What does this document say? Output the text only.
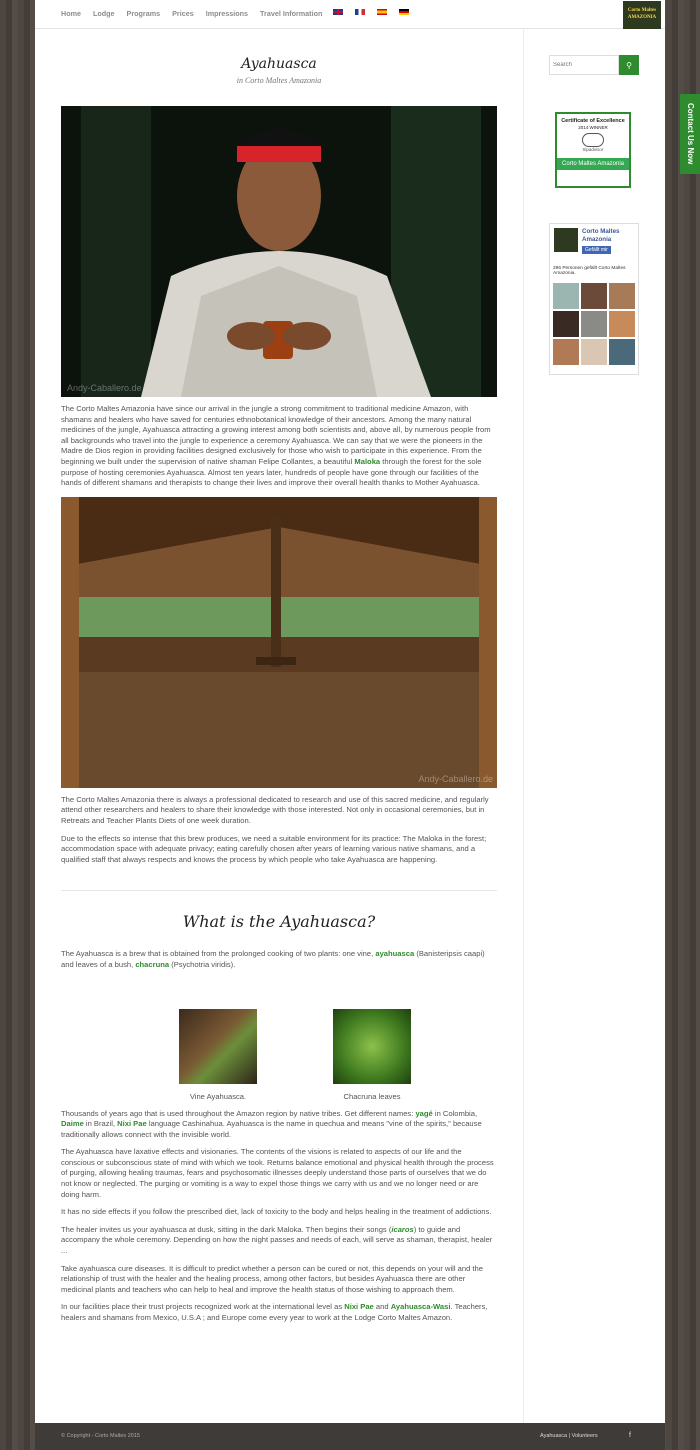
Home Lodge Programs Prices Impressions Travel Information	Corto Maltes
AMAZONIA
Ayahuasca
in Corto Maltes Amazonia
Andy-Caballero.de

The Corto Maltes Amazonia have since our arrival in the jungle a strong commitment to traditional medicine Amazon, with shamans and healers who have saved for centuries ethnobotanical knowledge of their ancestors. Among the many natural medicines of the jungle, Ayahuasca attracting a growing interest among both scientists and, above all, by numerous people from all backgrounds who travel into the jungle to experience a ceremony Ayahuasca. We can say that we were the pioneers in the Madre de Dios region in providing facilities designed exclusively for those who wish to participate in this experience. From the beginning we built under the supervision of native shaman Felipe Collantes, a beautiful Maloka through the forest for the sole purpose of hosting ceremonies Ayahuasca. Almost ten years later, hundreds of people have gone through our facilities of the hands of different shamans and therapists to change their lives and improve their overall health thanks to Mother Ayahuasca.

Andy-Caballero.de

The Corto Maltes Amazonia there is always a professional dedicated to research and use of this sacred medicine, and regularly attend other researchers and healers to share their knowledge with those interested. Not only in occasional ceremonies, but in Retreats and Teacher Plants Diets of one week duration.

Due to the effects so intense that this brew produces, we need a suitable environment for its practice: The Maloka in the forest; accommodation space with adequate privacy; eating carefully chosen after years of learning various native shamans, and a qualified staff that always respects and knows the process by which people who take Ayahuasca are happening.

What is the Ayahuasca?

The Ayahuasca is a brew that is obtained from the prolonged cooking of two plants: one vine, ayahuasca (Banisteripsis caapi) and leaves of a bush, chacruna (Psychotria viridis).

Vine Ayahuasca.	Chacruna leaves

Thousands of years ago that is used throughout the Amazon region by native tribes. Get different names: yagé in Colombia, Daime in Brazil, Nixi Pae language Cashinahua. Ayahuasca is the name in quechua and means "vine of the spirits," because traditionally allows connect with the invisible world.

The Ayahuasca have laxative effects and visionaries. The contents of the visions is related to aspects of our life and the conscious or subconscious state of mind with which we took. Returns balance emotional and physical health through the process of purging, allowing healing traumas, fears and psychosomatic illnesses deeply understand those parts of ourselves that we do not know or neglected. The purging or vomiting is a way to expel those things we carry with us and we no longer need or are doing harm.

It has no side effects if you follow the prescribed diet, lack of toxicity to the body and helps healing in the treatment of addictions.

The healer invites us your ayahuasca at dusk, sitting in the dark Maloka. Then begins their songs (icaros) to guide and accompany the whole ceremony. Depending on how the night passes and needs of each, will serve as shaman, therapist, healer ...

Take ayahuasca cure diseases. It is difficult to predict whether a person can be cured or not, this depends on your will and the relationship of trust with the healer and the healing process, among other factors, but besides Ayahuasca there are other medicinal plants and teachers who can help to heal and improve the health status of those wishing to approach them.

In our facilities place their trust projects recognized work at the international level as Nixi Pae and Ayahuasca-Wasi. Teachers, healers and shamans from Mexico, U.S.A ; and Europe come every year to work at the Lodge Corto Maltes Amazon.

Search
⚲
Certificate of Excellence
2014 WINNER
tripadvisor
Corto Maltes Amazonia
Corto Maltes Amazonia
Gefällt mir
296 Personen gefällt Corto Maltes Amazonia.
© Copyright - Corto Maltes 2015	Ayahuasca | Volunteers	f
Contact Us Now
